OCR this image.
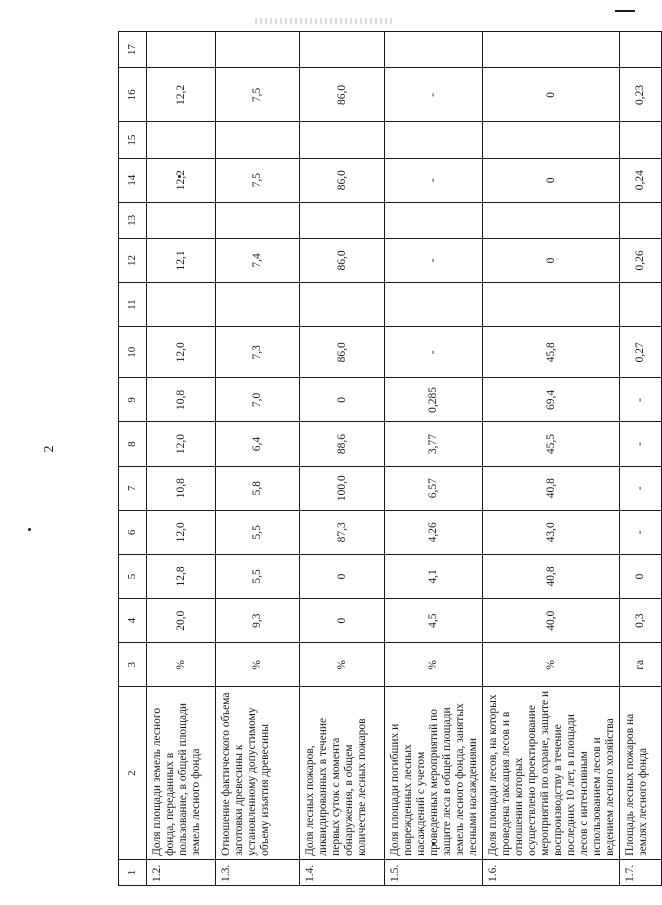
2
1	2	3	4	5	6	7	8	9	10	11	12	13	14	15	16	17
1.2.	Доля площади земель лесного фонда, переданных в пользование, в общей площади земель лесного фонда	%	20,0	12,8	12,0	10,8	12,0	10,8	12,0		12,1		12,2		12,2	
1.3.	Отношение фактического объема заготовки древесины к установленному допустимому объему изъятия древесины	%	9,3	5,5	5,5	5,8	6,4	7,0	7,3		7,4		7,5		7,5	
1.4.	Доля лесных пожаров, ликвидированных в течение первых суток с момента обнаружения, в общем количестве лесных пожаров	%	0	0	87,3	100,0	88,6	0	86,0		86,0		86,0		86,0	
1.5.	Доля площади погибших и поврежденных лесных насаждений с учетом проведенных мероприятий по защите леса в общей площади земель лесного фонда, занятых лесными насаждениями	%	4,5	4,1	4,26	6,57	3,77	0,285	-		-		-		-	
1.6.	Доля площади лесов, на которых проведена таксация лесов и в отношении которых осуществлено проектирование мероприятий по охране, защите и воспроизводству в течение последних 10 лет, в площади лесов с интенсивным использованием лесов и ведением лесного хозяйства	%	40,0	40,8	43,0	40,8	45,5	69,4	45,8		0		0		0	
1.7.	Площадь лесных пожаров на землях лесного фонда	га	0,3	0	-	-	-	-	0,27		0,26		0,24		0,23	
